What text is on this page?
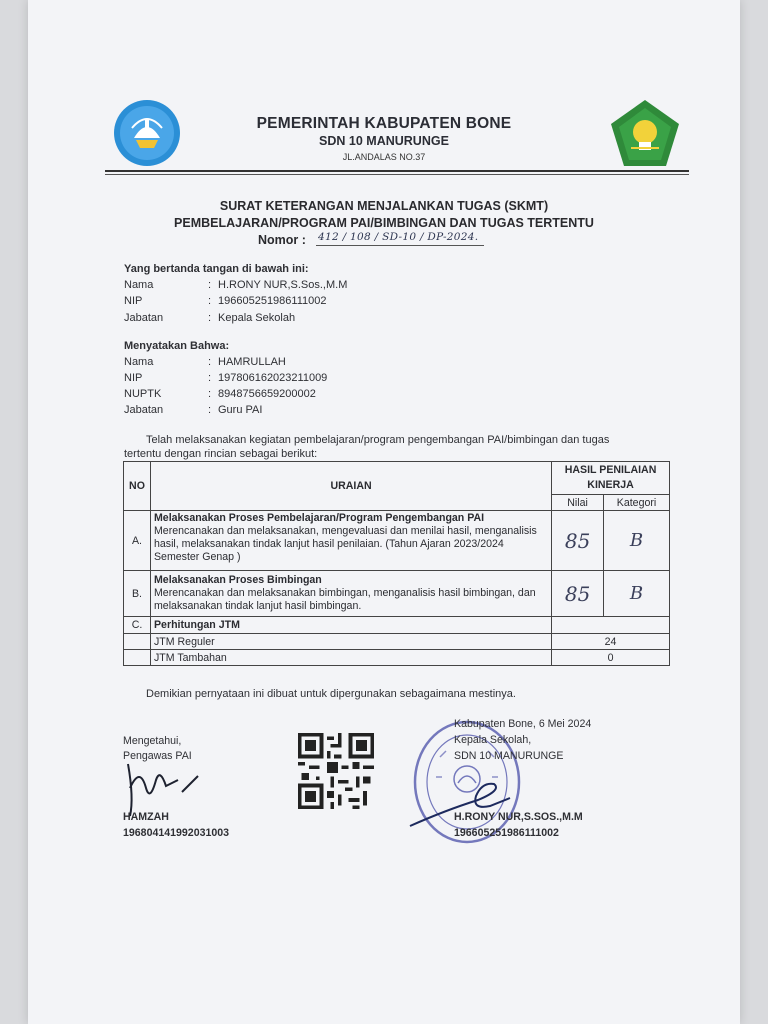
PEMERINTAH KABUPATEN BONE
SDN 10 MANURUNGE
JL.ANDALAS NO.37
SURAT KETERANGAN MENJALANKAN TUGAS (SKMT)
PEMBELAJARAN/PROGRAM PAI/BIMBINGAN DAN TUGAS TERTENTU
Nomor : 412 / 108 / SD-10 / DP-2024.
Yang bertanda tangan di bawah ini:
Nama	: H.RONY NUR,S.Sos.,M.M
NIP	: 196605251986111002
Jabatan	: Kepala Sekolah
Menyatakan Bahwa:
Nama	: HAMRULLAH
NIP	: 197806162023211009
NUPTK	: 8948756659200002
Jabatan	: Guru PAI
Telah melaksanakan kegiatan pembelajaran/program pengembangan PAI/bimbingan dan tugas
tertentu dengan rincian sebagai berikut:
NO	URAIAN	HASIL PENILAIAN KINERJA	
		Nilai	Kategori
A.	Melaksanakan Proses Pembelajaran/Program Pengembangan PAI
Merencanakan dan melaksanakan, mengevaluasi dan menilai hasil, menganalisis hasil, melaksanakan tindak lanjut hasil penilaian. (Tahun Ajaran 2023/2024 Semester Genap )	85	B
B.	Melaksanakan Proses Bimbingan
Merencanakan dan melaksanakan bimbingan, menganalisis hasil bimbingan, dan melaksanakan tindak lanjut hasil bimbingan.	85	B
C.	Perhitungan JTM		
	JTM Reguler	24	
	JTM Tambahan	0	
Demikian pernyataan ini dibuat untuk dipergunakan sebagaimana mestinya.
Mengetahui,
Pengawas PAI
HAMZAH
196804141992031003
Kabupaten Bone, 6 Mei 2024
Kepala Sekolah,
SDN 10 MANURUNGE
H.RONY NUR,S.SOS.,M.M
196605251986111002
